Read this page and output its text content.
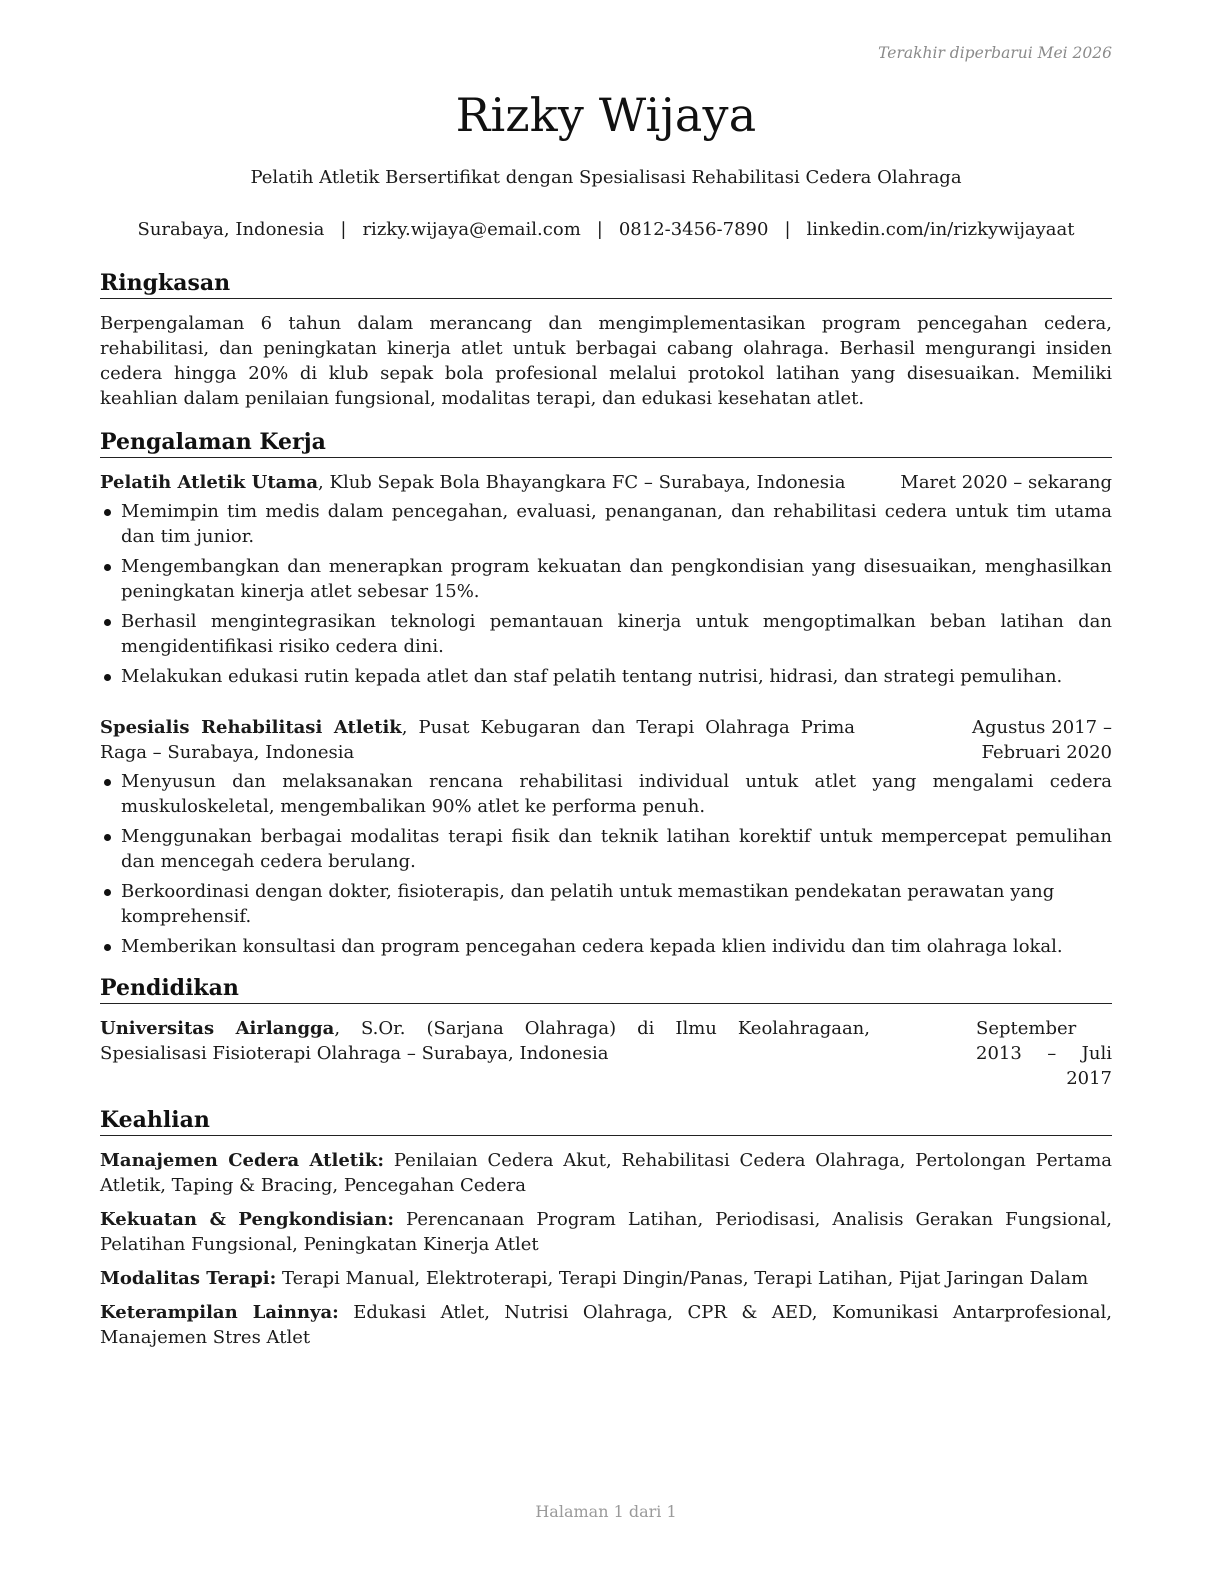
Terakhir diperbarui Mei 2026
Rizky Wijaya
Pelatih Atletik Bersertifikat dengan Spesialisasi Rehabilitasi Cedera Olahraga
Surabaya, Indonesia | rizky.wijaya@email.com | 0812-3456-7890 | linkedin.com/in/rizkywijayaat
Ringkasan
Berpengalaman 6 tahun dalam merancang dan mengimplementasikan program pencegahan cedera, rehabilitasi, dan peningkatan kinerja atlet untuk berbagai cabang olahraga. Berhasil mengurangi insiden cedera hingga 20% di klub sepak bola profesional melalui protokol latihan yang disesuaikan. Memiliki keahlian dalam penilaian fungsional, modalitas terapi, dan edukasi kesehatan atlet.
Pengalaman Kerja
Pelatih Atletik Utama, Klub Sepak Bola Bhayangkara FC – Surabaya, Indonesia	Maret 2020 – sekarang
Memimpin tim medis dalam pencegahan, evaluasi, penanganan, dan rehabilitasi cedera untuk tim utama dan tim junior.
Mengembangkan dan menerapkan program kekuatan dan pengkondisian yang disesuaikan, menghasilkan peningkatan kinerja atlet sebesar 15%.
Berhasil mengintegrasikan teknologi pemantauan kinerja untuk mengoptimalkan beban latihan dan mengidentifikasi risiko cedera dini.
Melakukan edukasi rutin kepada atlet dan staf pelatih tentang nutrisi, hidrasi, dan strategi pemulihan.
Spesialis Rehabilitasi Atletik, Pusat Kebugaran dan Terapi Olahraga Prima Raga – Surabaya, Indonesia
Agustus 2017 – Februari 2020
Menyusun dan melaksanakan rencana rehabilitasi individual untuk atlet yang mengalami cedera muskuloskeletal, mengembalikan 90% atlet ke performa penuh.
Menggunakan berbagai modalitas terapi fisik dan teknik latihan korektif untuk mempercepat pemulihan dan mencegah cedera berulang.
Berkoordinasi dengan dokter, fisioterapis, dan pelatih untuk memastikan pendekatan perawatan yang komprehensif.
Memberikan konsultasi dan program pencegahan cedera kepada klien individu dan tim olahraga lokal.
Pendidikan
Universitas Airlangga, S.Or. (Sarjana Olahraga) di Ilmu Keolahragaan, Spesialisasi Fisioterapi Olahraga – Surabaya, Indonesia
September 2013 – Juli 2017
Keahlian
Manajemen Cedera Atletik: Penilaian Cedera Akut, Rehabilitasi Cedera Olahraga, Pertolongan Pertama Atletik, Taping & Bracing, Pencegahan Cedera
Kekuatan & Pengkondisian: Perencanaan Program Latihan, Periodisasi, Analisis Gerakan Fungsional, Pelatihan Fungsional, Peningkatan Kinerja Atlet
Modalitas Terapi: Terapi Manual, Elektroterapi, Terapi Dingin/Panas, Terapi Latihan, Pijat Jaringan Dalam
Keterampilan Lainnya: Edukasi Atlet, Nutrisi Olahraga, CPR & AED, Komunikasi Antarprofesional, Manajemen Stres Atlet
Halaman 1 dari 1
